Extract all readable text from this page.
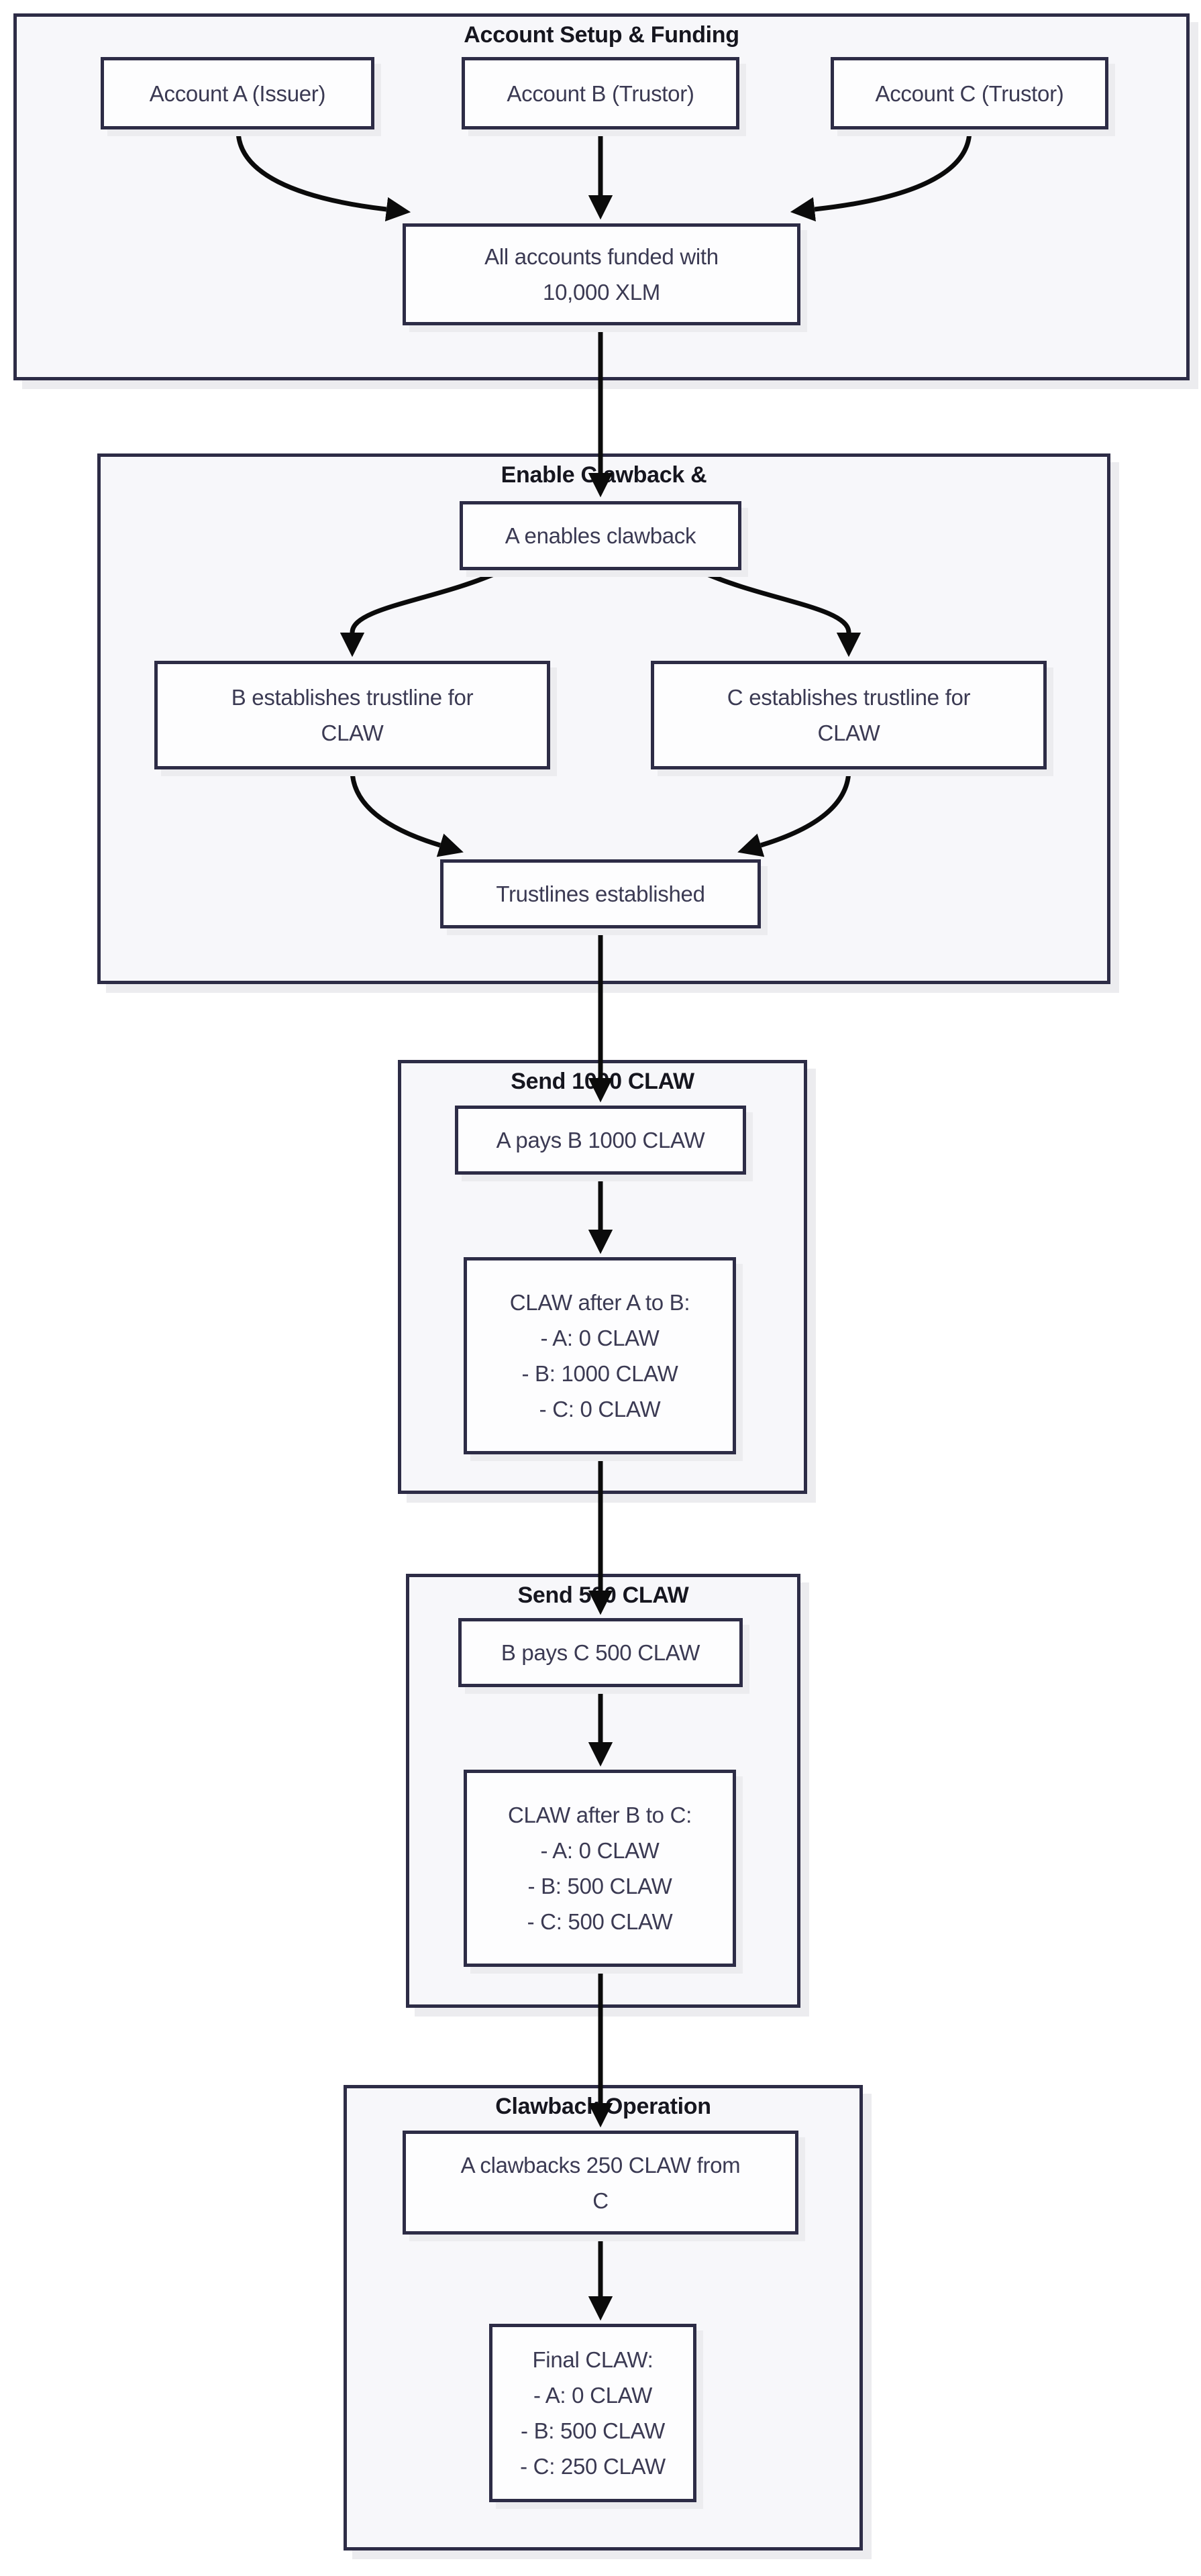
Account Setup & Funding
Enable Clawback &
Send 1000 CLAW
Send 500 CLAW
Clawback Operation
Account A (Issuer)	Account B (Trustor)	Account C (Trustor)
All accounts funded with
10,000 XLM
A enables clawback
B establishes trustline for
CLAW
C establishes trustline for
CLAW
Trustlines established
A pays B 1000 CLAW
CLAW after A to B:
- A: 0 CLAW
- B: 1000 CLAW
- C: 0 CLAW
B pays C 500 CLAW
CLAW after B to C:
- A: 0 CLAW
- B: 500 CLAW
- C: 500 CLAW
A clawbacks 250 CLAW from
C
Final CLAW:
- A: 0 CLAW
- B: 500 CLAW
- C: 250 CLAW
